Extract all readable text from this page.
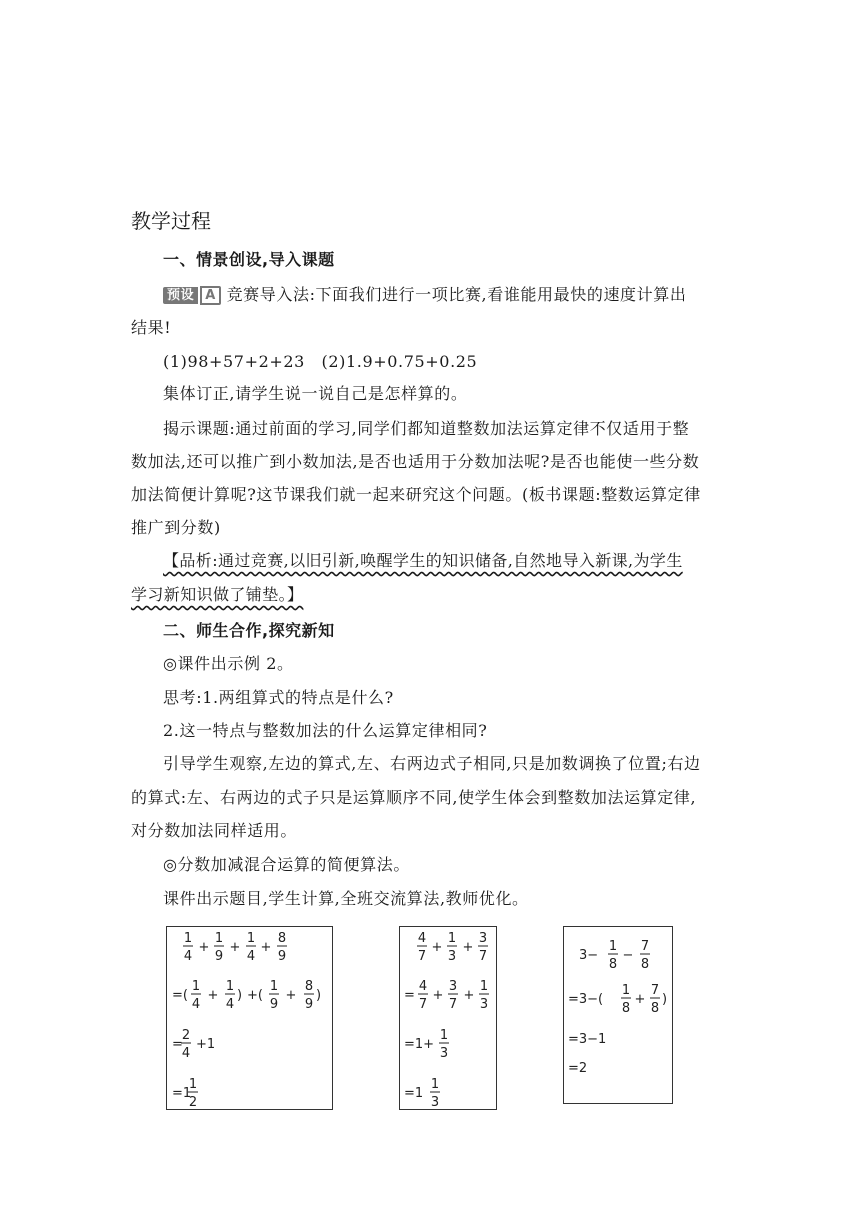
教学过程
一、情景创设,导入课题
预设 A 竞赛导入法:下面我们进行一项比赛,看谁能用最快的速度计算出
结果!
(1)98+57+2+23　(2)1.9+0.75+0.25
集体订正,请学生说一说自己是怎样算的。
揭示课题:通过前面的学习,同学们都知道整数加法运算定律不仅适用于整
数加法,还可以推广到小数加法,是否也适用于分数加法呢?是否也能使一些分数
加法简便计算呢?这节课我们就一起来研究这个问题。(板书课题:整数运算定律
推广到分数)
【品析:通过竞赛,以旧引新,唤醒学生的知识储备,自然地导入新课,为学生
学习新知识做了铺垫。】
二、师生合作,探究新知
◎课件出示例 2。
思考:1.两组算式的特点是什么?
2.这一特点与整数加法的什么运算定律相同?
引导学生观察,左边的算式,左、右两边式子相同,只是加数调换了位置;右边
的算式:左、右两边的式子只是运算顺序不同,使学生体会到整数加法运算定律,
对分数加法同样适用。
◎分数加减混合运算的简便算法。
课件出示题目,学生计算,全班交流算法,教师优化。
1
4
+
1
9
+
1
4
+
8
9
=(
1
4
+
1
4
) +(
1
9
+
8
9
)
=
2
4
+1
=1
1
2
4
7
+
1
3
+
3
7
=
4
7
+
3
7
+
1
3
=1+
1
3
=1
1
3
3−
1
8
−
7
8
=3−(
1
8
+
7
8
)
=3−1
=2
